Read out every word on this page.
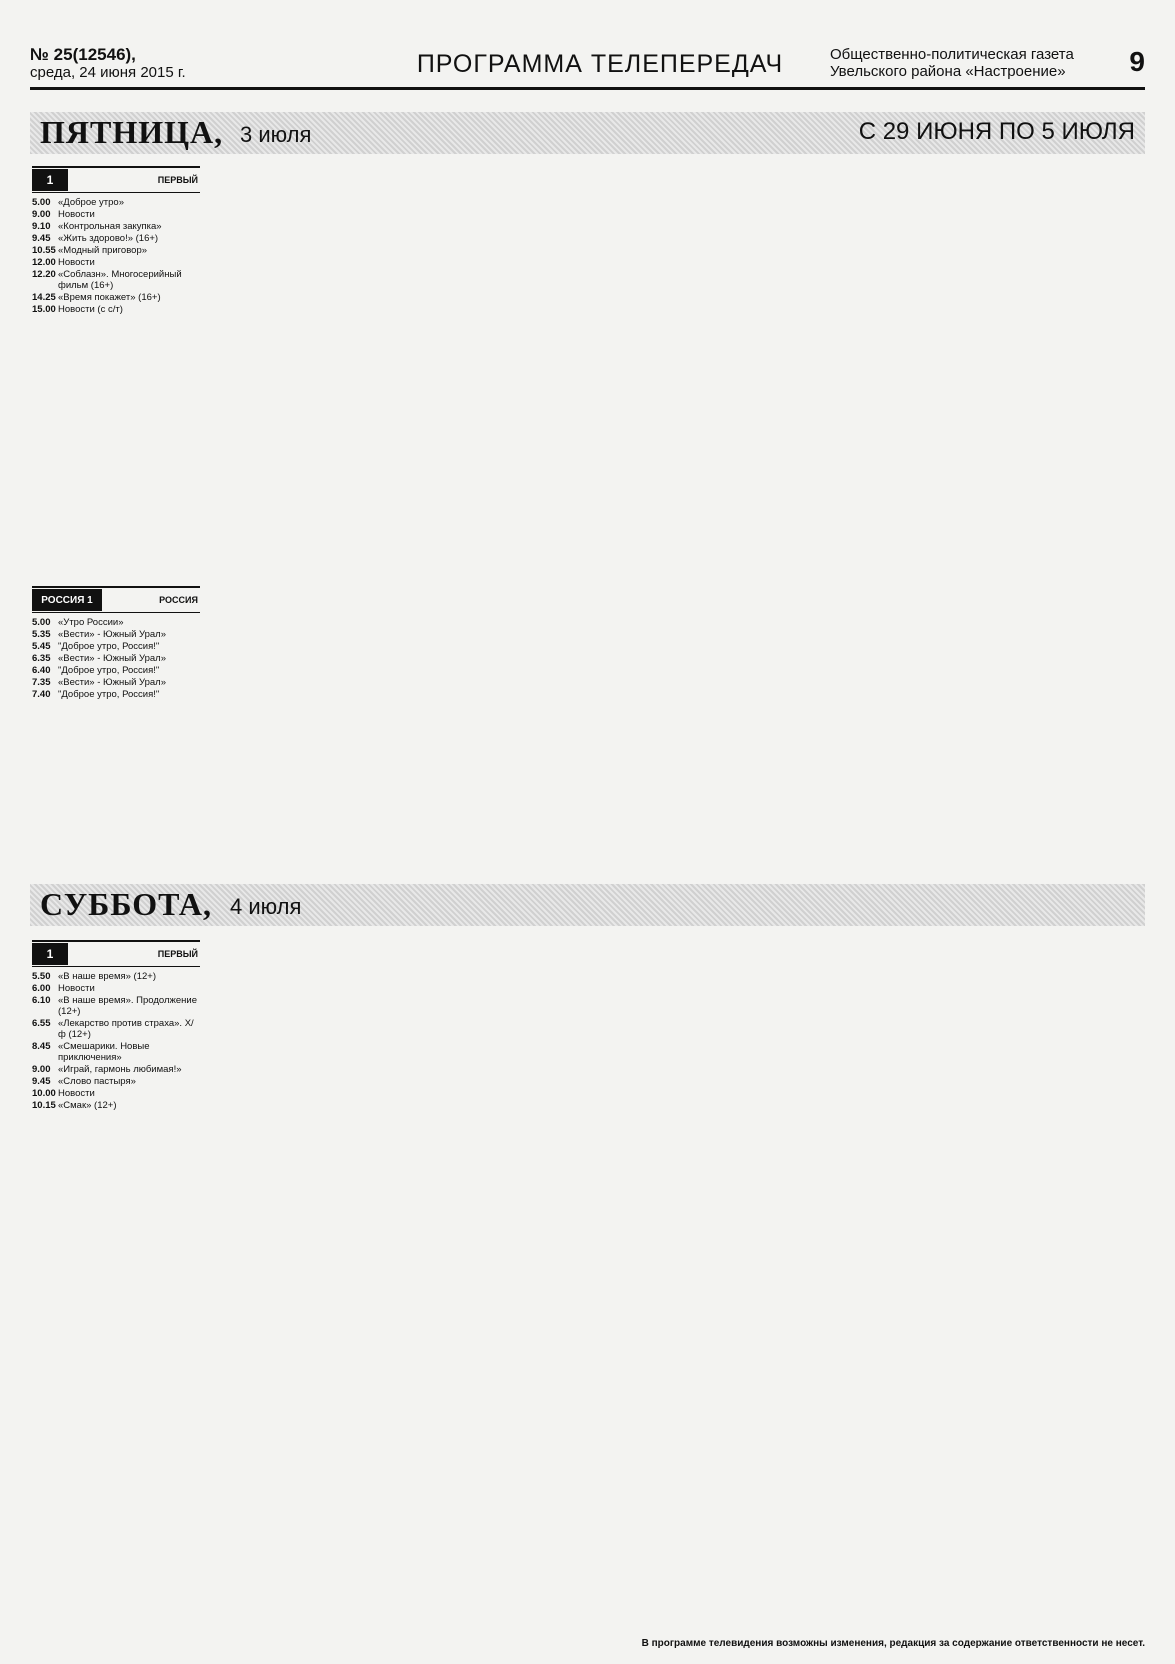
№ 25(12546),
среда, 24 июня 2015 г.	ПРОГРАММА ТЕЛЕПЕРЕДАЧ	Общественно-политическая газета
Увельского района «Настроение»	9
ПЯТНИЦА, 3 июля	С 29 ИЮНЯ ПО 5 ИЮЛЯ
1	ПЕРВЫЙ
5.00 «Доброе утро»
9.00 Новости
9.10 «Контрольная закупка»
9.45 «Жить здорово!» (16+)
10.55 «Модный приговор»
12.00 Новости
12.20 «Соблазн». Многосерийный фильм (16+)
14.25 «Время покажет» (16+)
15.00 Новости (с с/т)
РОССИЯ 1	РОССИЯ
5.00 «Утро России»
5.35 «Вести» - Южный Урал»
5.45 "Доброе утро, Россия!"
6.35 «Вести» - Южный Урал»
6.40 "Доброе утро, Россия!"
7.35 «Вести» - Южный Урал»
7.40 "Доброе утро, Россия!"
СУББОТА, 4 июля
1	ПЕРВЫЙ
5.50 «В наше время» (12+)
6.00 Новости
6.10 «В наше время». Продолжение (12+)
6.55 «Лекарство против страха». Х/ф (12+)
8.45 «Смешарики. Новые приключения»
9.00 «Играй, гармонь любимая!»
9.45 «Слово пастыря»
10.00 Новости
10.15 «Смак» (12+)
В программе телевидения возможны изменения, редакция за содержание ответственности не несет.
